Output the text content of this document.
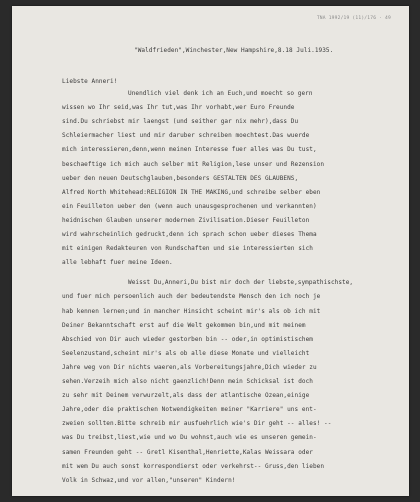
TNA 1992/19 (11)/176 · 49
"Waldfrieden",Winchester,New Hampshire,8.18 Juli.1935.
Liebste Anneri!
Unendlich viel denk ich an Euch,und moecht so gern
wissen wo Ihr seid,was Ihr tut,was Ihr vorhabt,wer Euro Freunde
sind.Du schriebst mir laengst (und seither gar nix mehr),dass Du
Schleiermacher liest und mir daruber schreiben moechtest.Das wuerde
mich interessieren,denn,wenn meinen Interesse fuer alles was Du tust,
beschaeftige ich mich auch selber mit Religion,lese unser und Rezension
ueber den neuen Deutschglauben,besonders GESTALTEN DES GLAUBENS,
Alfred North Whitehead:RELIGION IN THE MAKING,und schreibe selber eben
ein Feuilleton ueber den (wenn auch unausgesprochenen und verkannten)
heidnischen Glauben unserer modernen Zivilisation.Dieser Feuilleton
wird wahrscheinlich gedruckt,denn ich sprach schon ueber dieses Thema
mit einigen Redakteuren von Rundschaften und sie interessierten sich
alle lebhaft fuer meine Ideen.
Weisst Du,Anneri,Du bist mir doch der liebste,sympathischste,
und fuer mich persoenlich auch der bedeutendste Mensch den ich noch je
hab kennen lernen;und in mancher Hinsicht scheint mir's als ob ich mit
Deiner Bekanntschaft erst auf die Welt gekommen bin,und mit meinem
Abschied von Dir auch wieder gestorben bin -- oder,in optimistischem
Seelenzustand,scheint mir's als ob alle diese Monate und vielleicht
Jahre weg von Dir nichts waeren,als Vorbereitungsjahre,Dich wieder zu
sehen.Verzeih mich also nicht gaenzlich!Denn mein Schicksal ist doch
zu sehr mit Deinem verwurzelt,als dass der atlantische Ozean,einige
Jahre,oder die praktischen Notwendigkeiten meiner "Karriere" uns ent-
zweien sollten.Bitte schreib mir ausfuehrlich wie's Dir geht -- alles! --
was Du treibst,liest,wie und wo Du wohnst,auch wie es unseren gemein-
samen Freunden geht -- Gretl Kisenthal,Henriette,Kalas Weissara oder
mit wem Du auch sonst korrespondierst oder verkehrst-- Gruss,den lieben
Volk in Schwaz,und vor allen,"unseren" Kindern!
